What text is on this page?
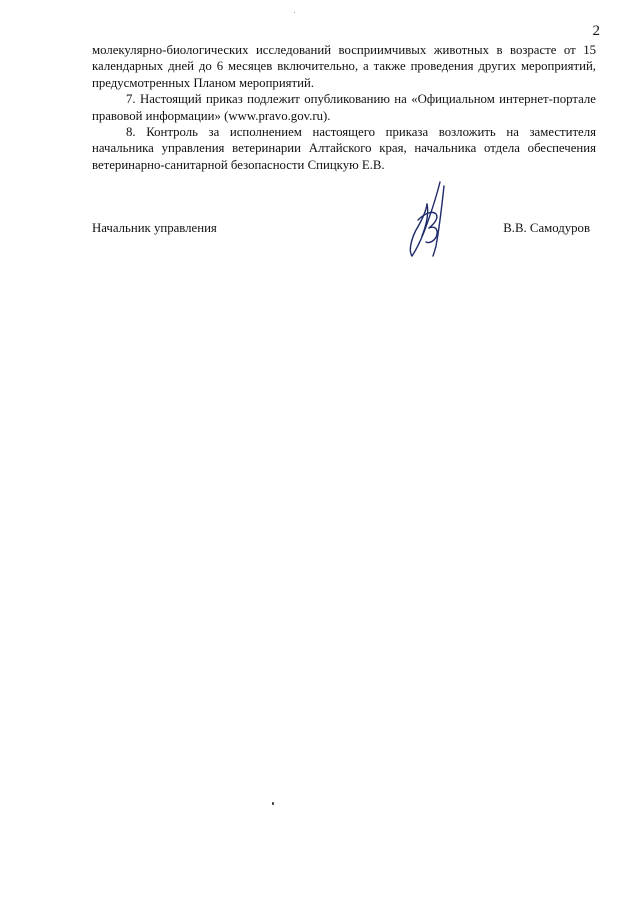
2

молекулярно-биологических исследований восприимчивых животных в возрасте от 15 календарных дней до 6 месяцев включительно, а также проведения других мероприятий, предусмотренных Планом мероприятий.

7. Настоящий приказ подлежит опубликованию на «Официальном интернет-портале правовой информации» (www.pravo.gov.ru).

8. Контроль за исполнением настоящего приказа возложить на заместителя начальника управления ветеринарии Алтайского края, начальника отдела обеспечения ветеринарно-санитарной безопасности Спицкую Е.В.

Начальник управления	В.В. Самодуров
